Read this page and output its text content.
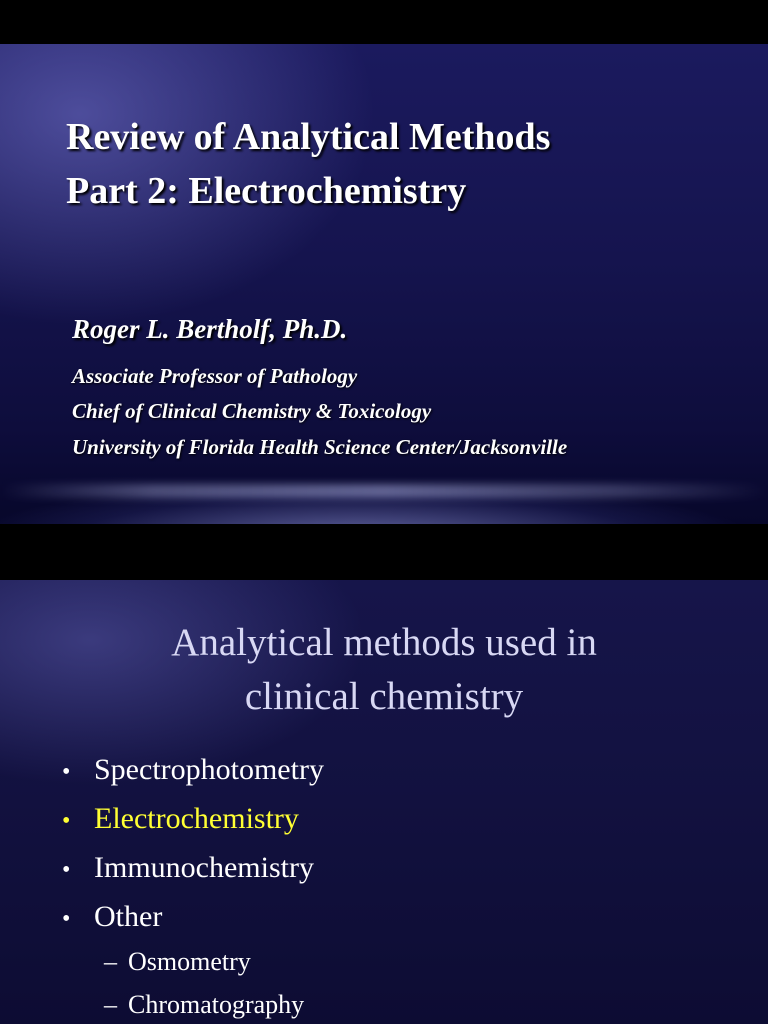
Review of Analytical Methods
Part 2: Electrochemistry
Roger L. Bertholf, Ph.D.
Associate Professor of Pathology
Chief of Clinical Chemistry & Toxicology
University of Florida Health Science Center/Jacksonville
Analytical methods used in
clinical chemistry
• Spectrophotometry
• Electrochemistry
• Immunochemistry
• Other
– Osmometry
– Chromatography
